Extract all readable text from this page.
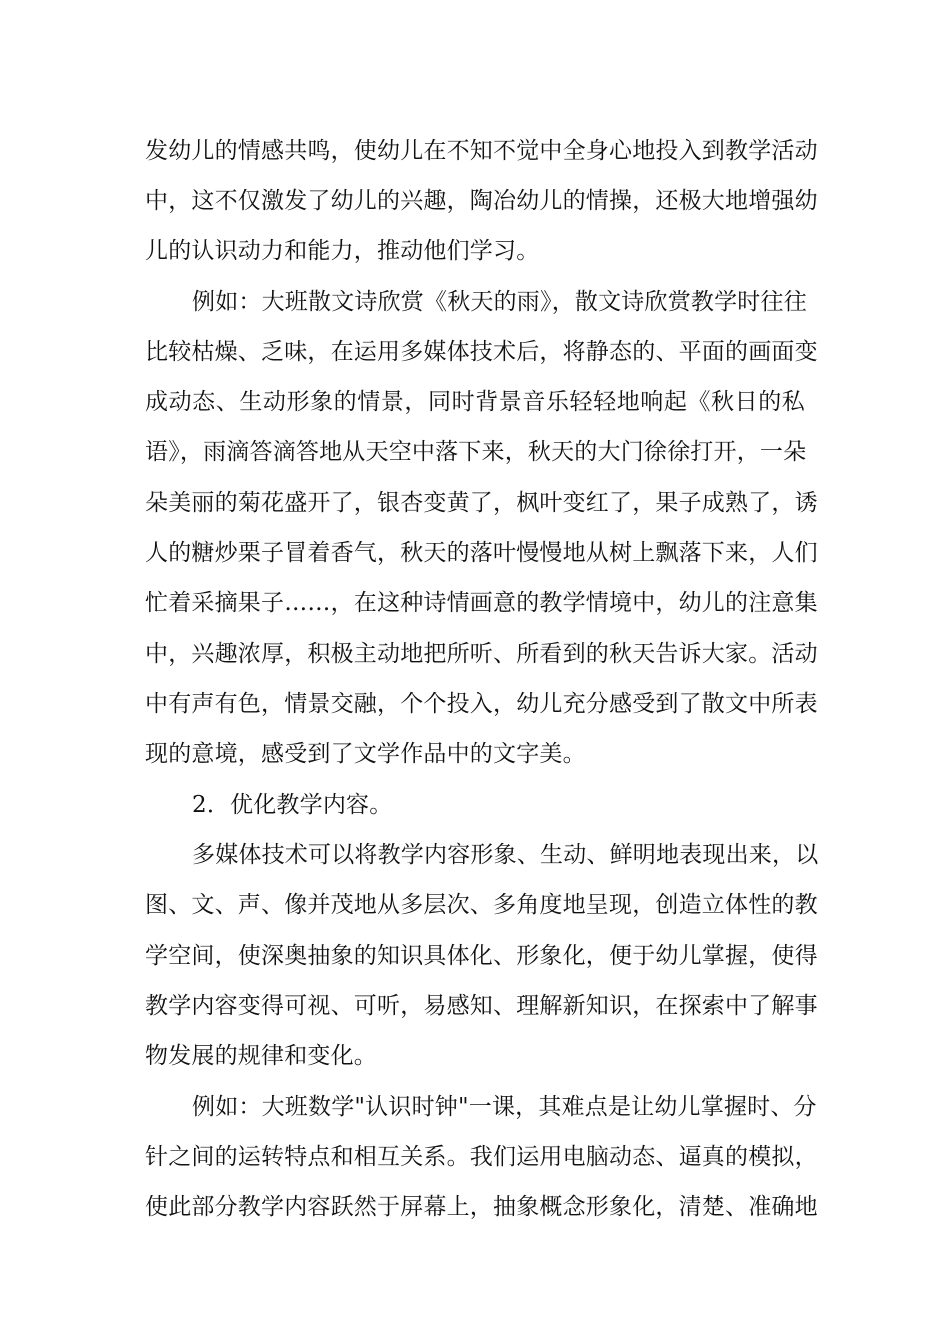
发幼儿的情感共鸣，使幼儿在不知不觉中全身心地投入到教学活动
中，这不仅激发了幼儿的兴趣，陶冶幼儿的情操，还极大地增强幼
儿的认识动力和能力，推动他们学习。
例如：大班散文诗欣赏《秋天的雨》，散文诗欣赏教学时往往
比较枯燥、乏味，在运用多媒体技术后，将静态的、平面的画面变
成动态、生动形象的情景，同时背景音乐轻轻地响起《秋日的私
语》，雨滴答滴答地从天空中落下来，秋天的大门徐徐打开，一朵
朵美丽的菊花盛开了，银杏变黄了，枫叶变红了，果子成熟了，诱
人的糖炒栗子冒着香气，秋天的落叶慢慢地从树上飘落下来，人们
忙着采摘果子……，在这种诗情画意的教学情境中，幼儿的注意集
中，兴趣浓厚，积极主动地把所听、所看到的秋天告诉大家。活动
中有声有色，情景交融，个个投入，幼儿充分感受到了散文中所表
现的意境，感受到了文学作品中的文字美。
2．优化教学内容。
多媒体技术可以将教学内容形象、生动、鲜明地表现出来，以
图、文、声、像并茂地从多层次、多角度地呈现，创造立体性的教
学空间，使深奥抽象的知识具体化、形象化，便于幼儿掌握，使得
教学内容变得可视、可听，易感知、理解新知识，在探索中了解事
物发展的规律和变化。
例如：大班数学"认识时钟"一课，其难点是让幼儿掌握时、分
针之间的运转特点和相互关系。我们运用电脑动态、逼真的模拟，
使此部分教学内容跃然于屏幕上，抽象概念形象化，清楚、准确地
